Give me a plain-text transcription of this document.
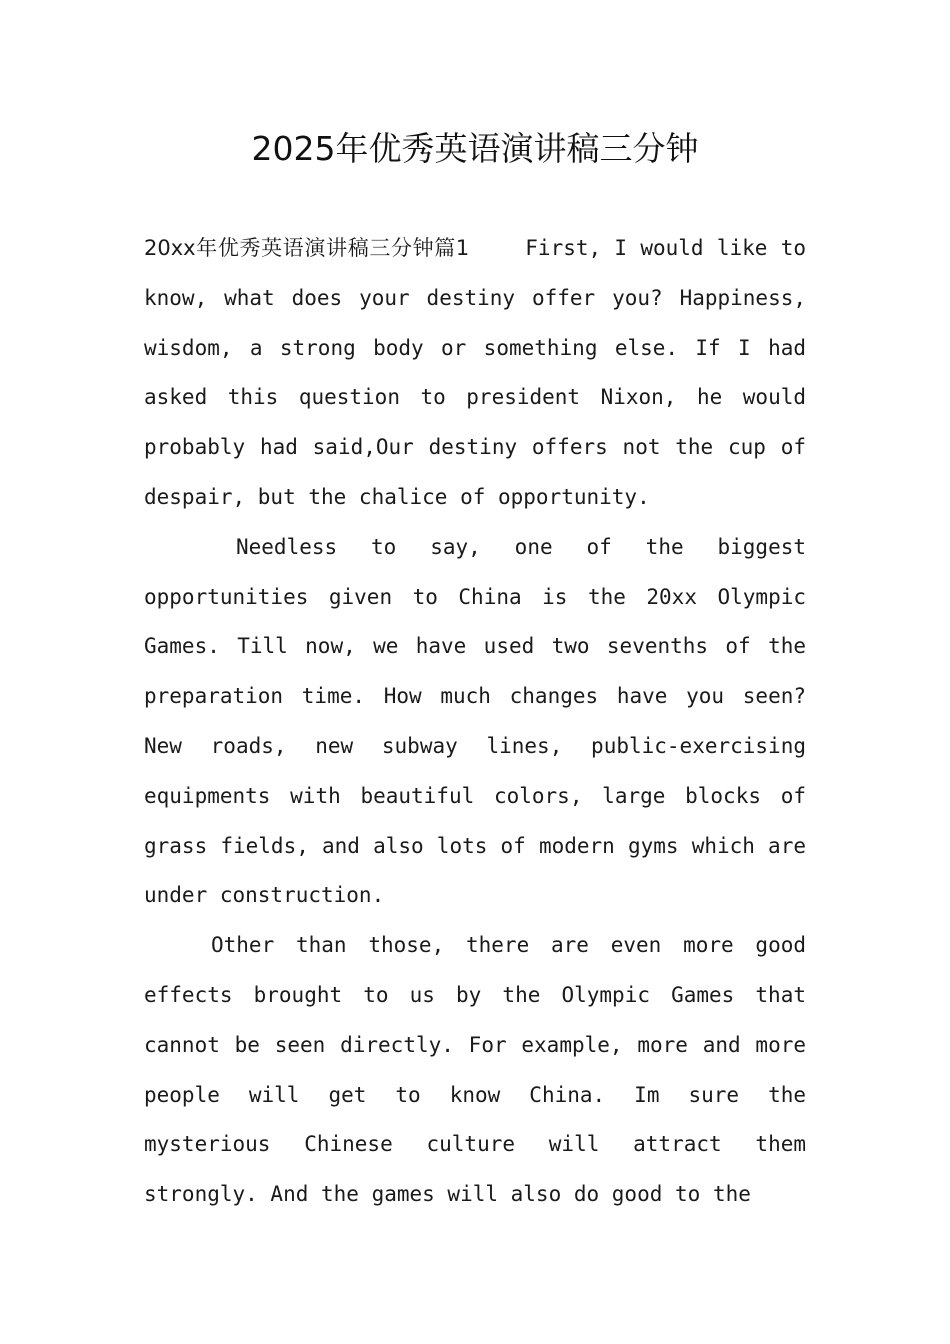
2025年优秀英语演讲稿三分钟

20xx年优秀英语演讲稿三分钟篇1	First, I would like to know, what does your destiny offer you? Happiness, wisdom, a strong body or something else. If I had asked this question to president Nixon, he would probably had said,Our destiny offers not the cup of despair, but the chalice of opportunity.

Needless to say, one of the biggest opportunities given to China is the 20xx Olympic Games. Till now, we have used two sevenths of the preparation time. How much changes have you seen? New roads, new subway lines, public-exercising equipments with beautiful colors, large blocks of grass fields, and also lots of modern gyms which are under construction.

Other than those, there are even more good effects brought to us by the Olympic Games that cannot be seen directly. For example, more and more people will get to know China. Im sure the mysterious Chinese culture will attract them strongly. And the games will also do good to the
